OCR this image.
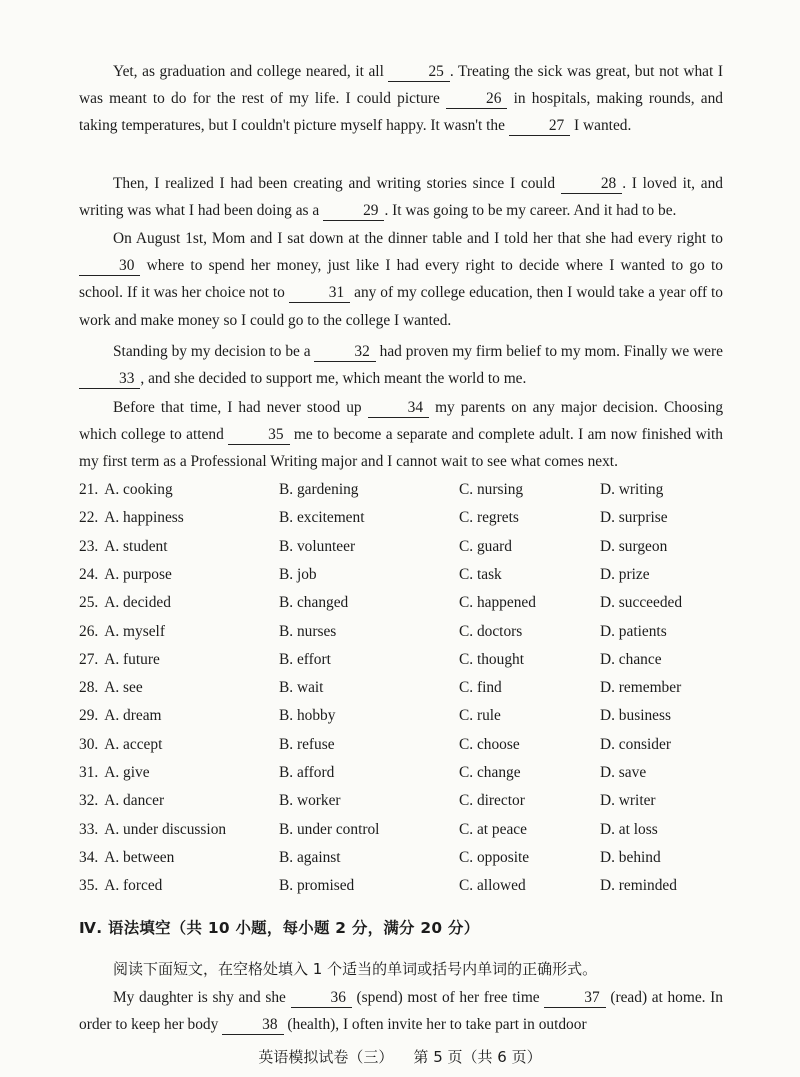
Yet, as graduation and college neared, it all	25 . Treating the sick was great, but not what I was meant to do for the rest of my life. I could picture	26 in hospitals, making rounds, and taking temperatures, but I couldn't picture myself happy. It wasn't the	27 I wanted.

Then, I realized I had been creating and writing stories since I could	28 . I loved it, and writing was what I had been doing as a	29 . It was going to be my career. And it had to be.

On August 1st, Mom and I sat down at the dinner table and I told her that she had every right to 30 where to spend her money, just like I had every right to decide where I wanted to go to school. If it was her choice not to	31 any of my college education, then I would take a year off to work and make money so I could go to the college I wanted.

Standing by my decision to be a	32 had proven my firm belief to my mom. Finally we were 33 , and she decided to support me, which meant the world to me.

Before that time, I had never stood up	34 my parents on any major decision. Choosing which college to attend	35 me to become a separate and complete adult. I am now finished with my first term as a Professional Writing major and I cannot wait to see what comes next.

21. A. cooking	B. gardening	C. nursing	D. writing
22. A. happiness	B. excitement	C. regrets	D. surprise
23. A. student	B. volunteer	C. guard	D. surgeon
24. A. purpose	B. job	C. task	D. prize
25. A. decided	B. changed	C. happened	D. succeeded
26. A. myself	B. nurses	C. doctors	D. patients
27. A. future	B. effort	C. thought	D. chance
28. A. see	B. wait	C. find	D. remember
29. A. dream	B. hobby	C. rule	D. business
30. A. accept	B. refuse	C. choose	D. consider
31. A. give	B. afford	C. change	D. save
32. A. dancer	B. worker	C. director	D. writer
33. A. under discussion	B. under control	C. at peace	D. at loss
34. A. between	B. against	C. opposite	D. behind
35. A. forced	B. promised	C. allowed	D. reminded
Ⅳ. 语法填空（共 10 小题，每小题 2 分，满分 20 分）
阅读下面短文，在空格处填入 1 个适当的单词或括号内单词的正确形式。

My daughter is shy and she	36 (spend) most of her free time	37 (read) at home. In order to keep her body	38 (health), I often invite her to take part in outdoor

英语模拟试卷（三） 第 5 页（共 6 页）
